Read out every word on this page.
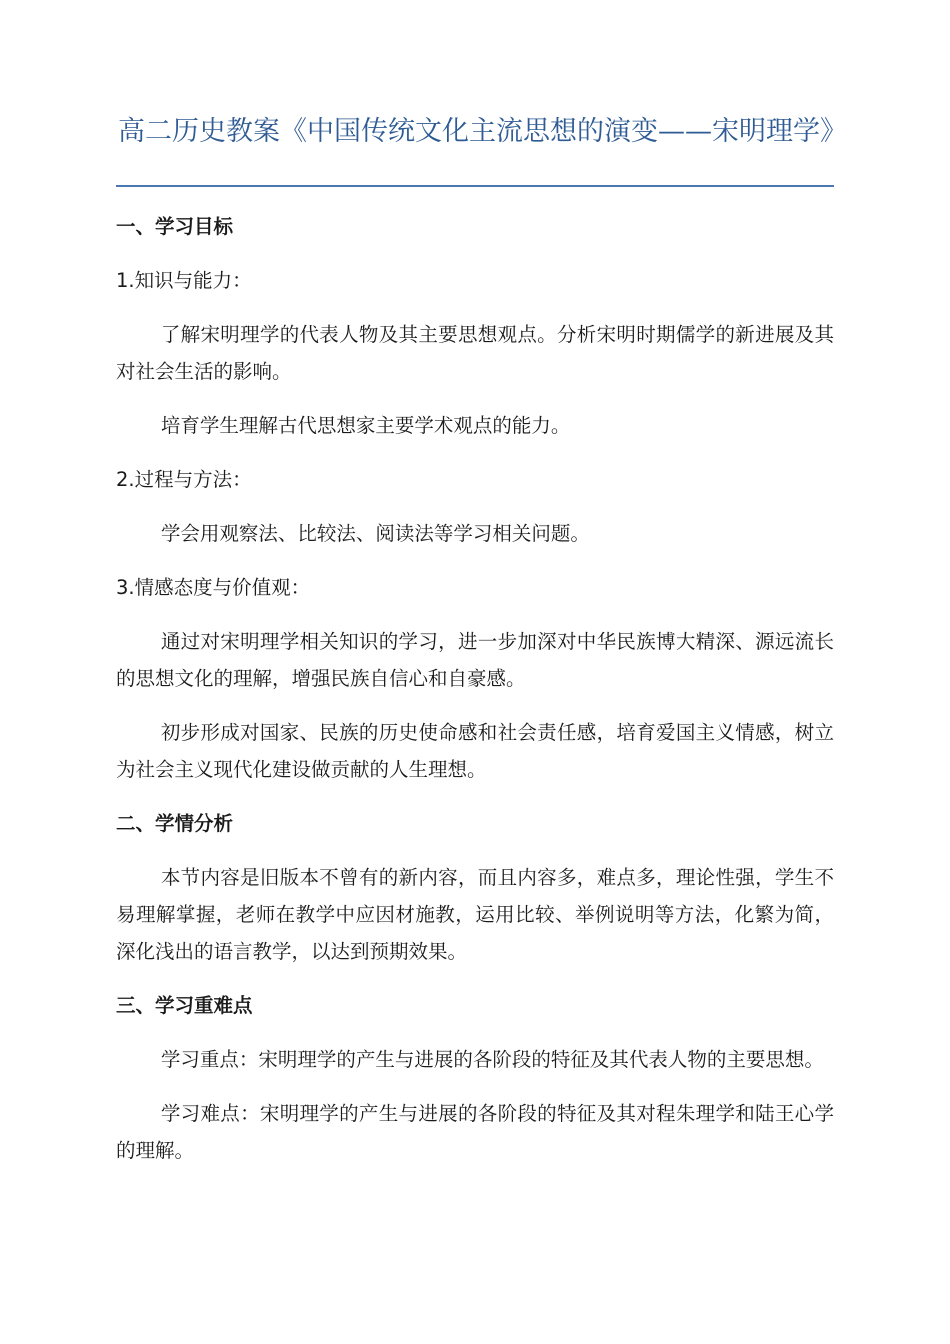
高二历史教案《中国传统文化主流思想的演变——宋明理学》

一、学习目标

1.知识与能力：

了解宋明理学的代表人物及其主要思想观点。分析宋明时期儒学的新进展及其对社会生活的影响。

培育学生理解古代思想家主要学术观点的能力。

2.过程与方法：

学会用观察法、比较法、阅读法等学习相关问题。

3.情感态度与价值观：

通过对宋明理学相关知识的学习，进一步加深对中华民族博大精深、源远流长的思想文化的理解，增强民族自信心和自豪感。

初步形成对国家、民族的历史使命感和社会责任感，培育爱国主义情感，树立为社会主义现代化建设做贡献的人生理想。

二、学情分析

本节内容是旧版本不曾有的新内容，而且内容多，难点多，理论性强，学生不易理解掌握，老师在教学中应因材施教，运用比较、举例说明等方法，化繁为简，深化浅出的语言教学，以达到预期效果。

三、学习重难点

学习重点：宋明理学的产生与进展的各阶段的特征及其代表人物的主要思想。

学习难点：宋明理学的产生与进展的各阶段的特征及其对程朱理学和陆王心学的理解。
